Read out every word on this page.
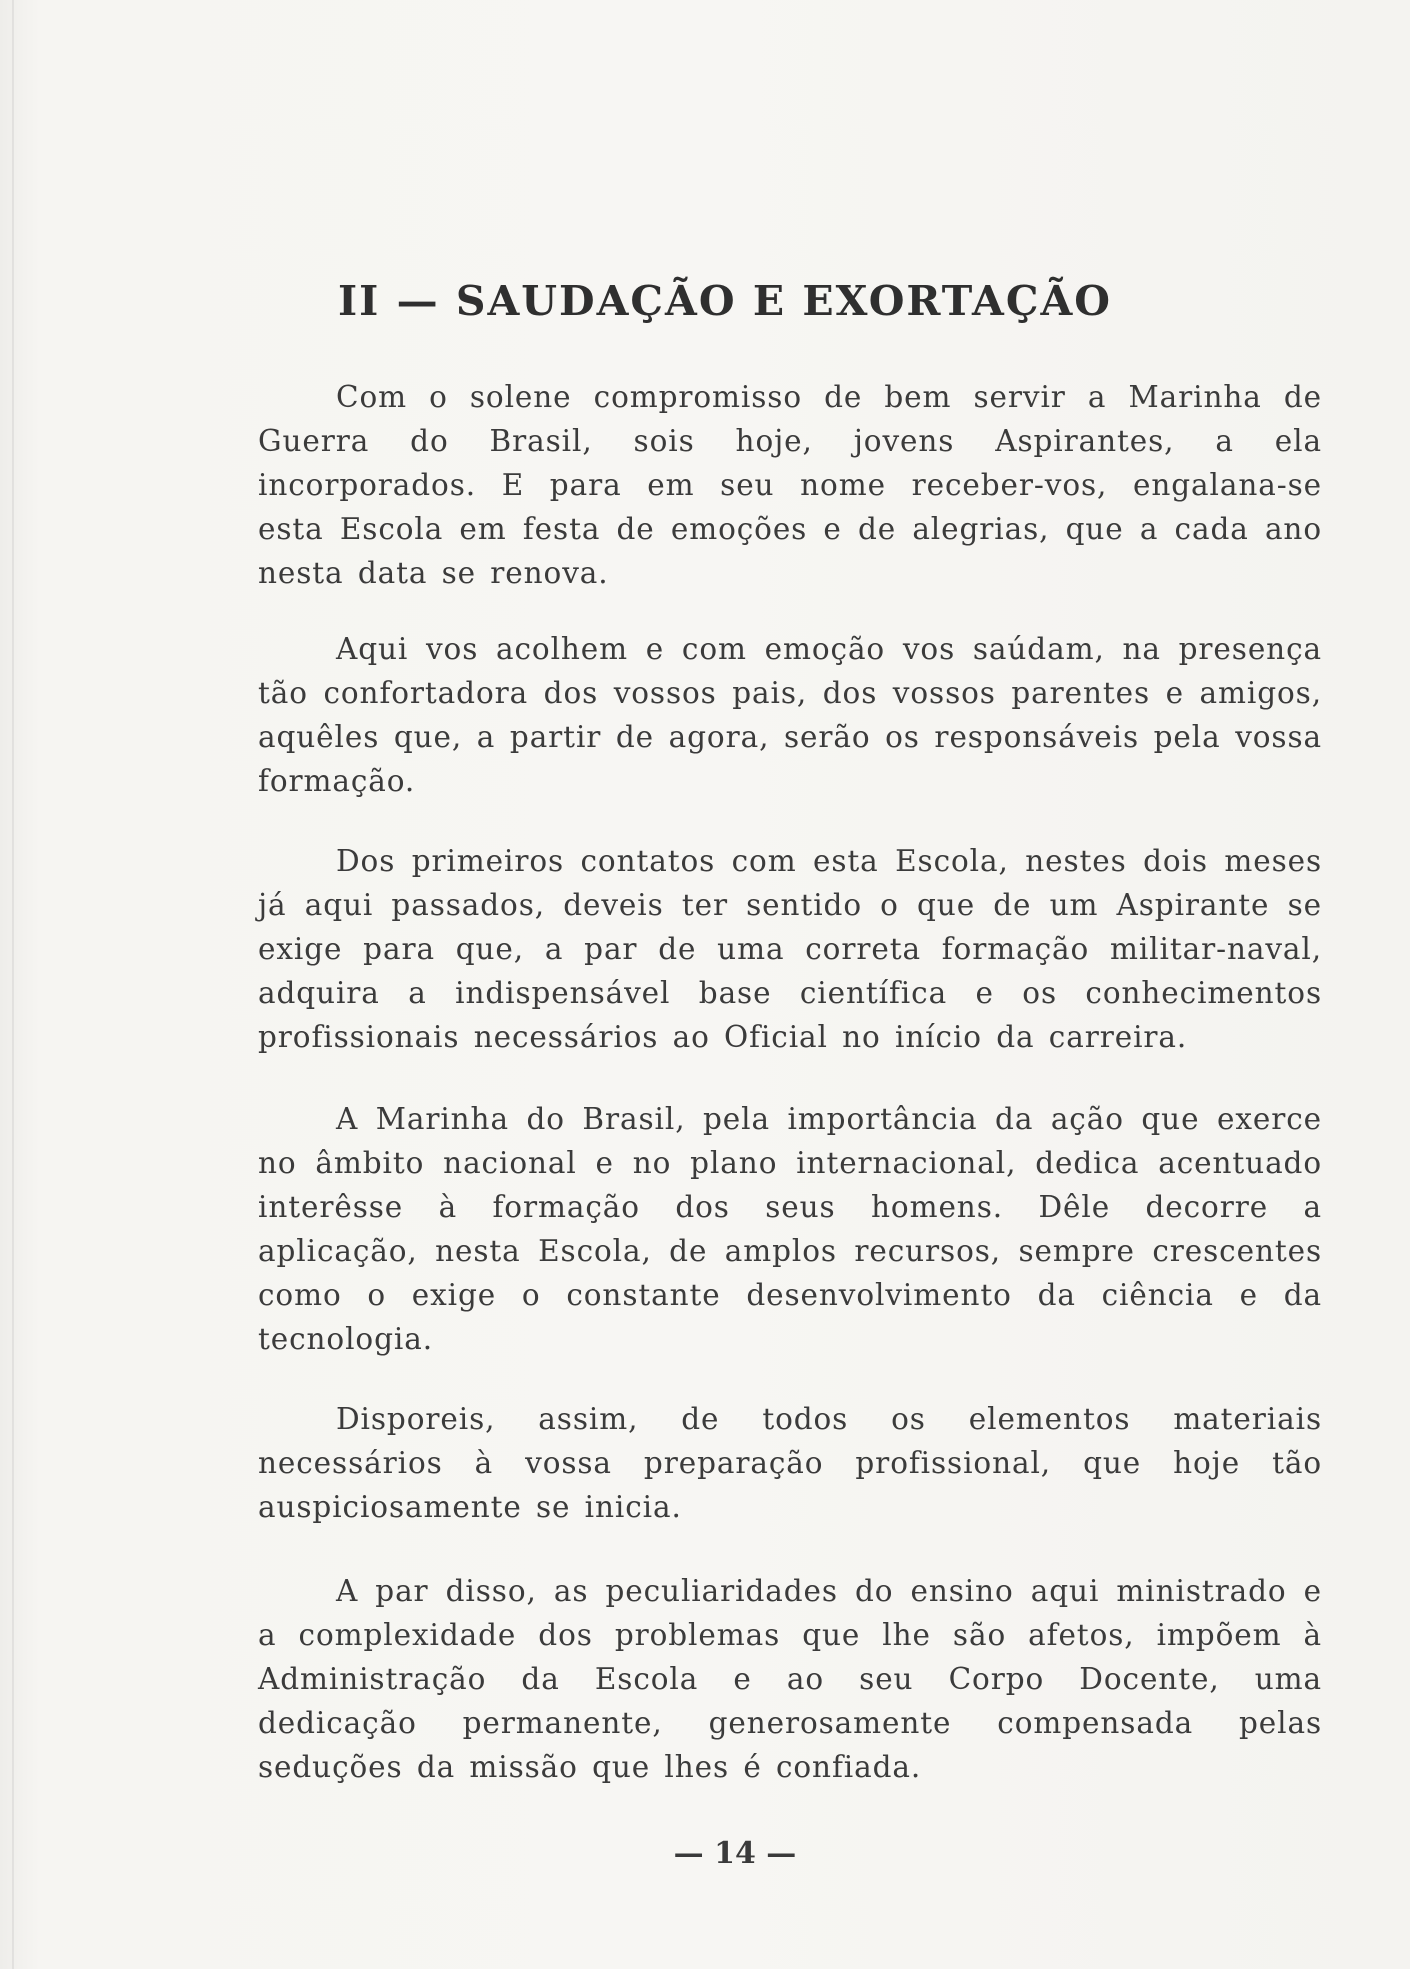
II — SAUDAÇÃO E EXORTAÇÃO

Com o solene compromisso de bem servir a Marinha de Guerra do Brasil, sois hoje, jovens Aspirantes, a ela incorporados. E para em seu nome receber-vos, engalana-se esta Escola em festa de emoções e de alegrias, que a cada ano nesta data se renova.

Aqui vos acolhem e com emoção vos saúdam, na presença tão confortadora dos vossos pais, dos vossos parentes e amigos, aquêles que, a partir de agora, serão os responsáveis pela vossa formação.

Dos primeiros contatos com esta Escola, nestes dois meses já aqui passados, deveis ter sentido o que de um Aspirante se exige para que, a par de uma correta formação militar-naval, adquira a indispensável base científica e os conhecimentos profissionais necessários ao Oficial no início da carreira.

A Marinha do Brasil, pela importância da ação que exerce no âmbito nacional e no plano internacional, dedica acentuado interêsse à formação dos seus homens. Dêle decorre a aplicação, nesta Escola, de amplos recursos, sempre crescentes como o exige o constante desenvolvimento da ciência e da tecnologia.

Disporeis, assim, de todos os elementos materiais necessários à vossa preparação profissional, que hoje tão auspiciosamente se inicia.

A par disso, as peculiaridades do ensino aqui ministrado e a complexidade dos problemas que lhe são afetos, impõem à Administração da Escola e ao seu Corpo Docente, uma dedicação permanente, generosamente compensada pelas seduções da missão que lhes é confiada.

— 14 —
